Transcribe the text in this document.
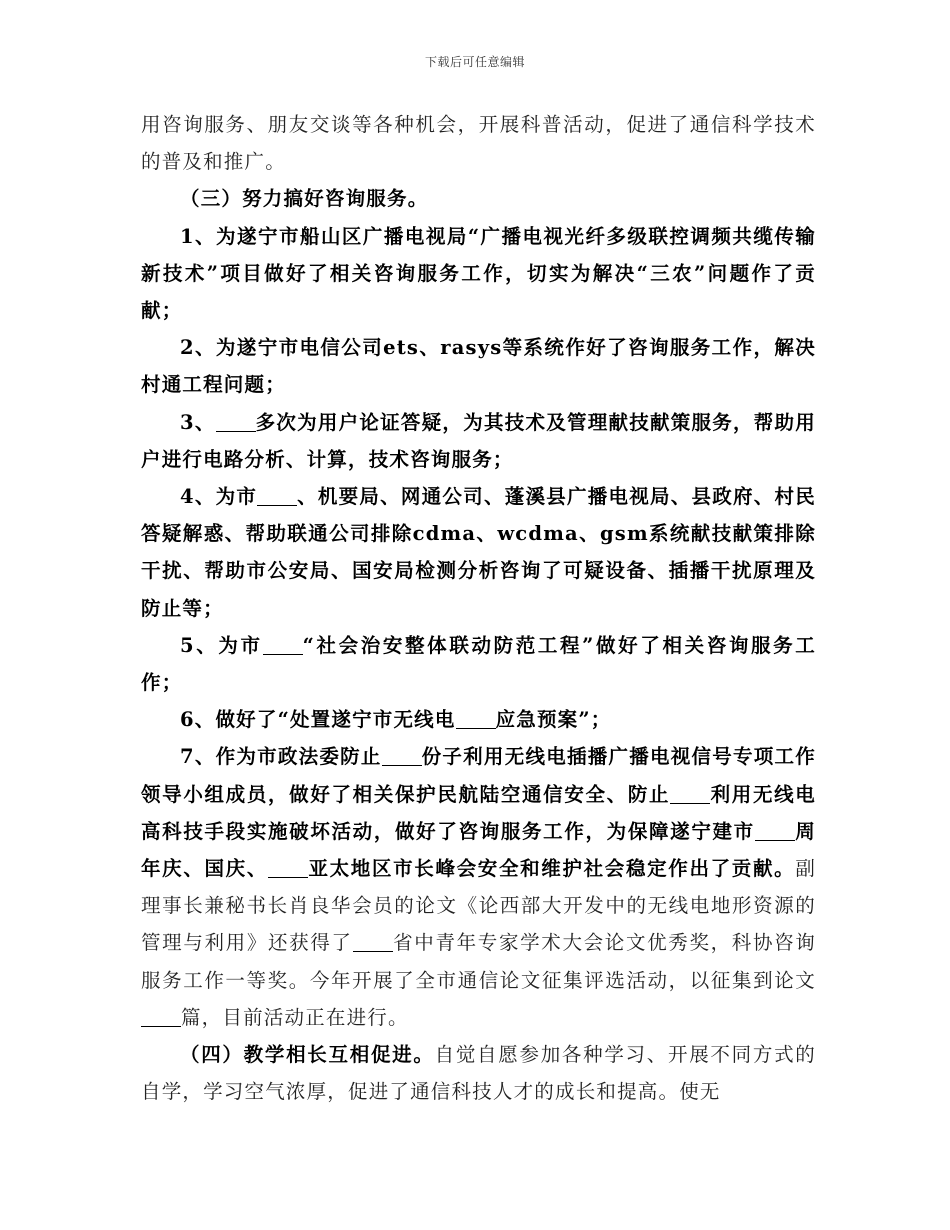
下载后可任意编辑

用咨询服务、朋友交谈等各种机会，开展科普活动，促进了通信科学技术的普及和推广。

（三）努力搞好咨询服务。

1、为遂宁市船山区广播电视局“广播电视光纤多级联控调频共缆传输新技术”项目做好了相关咨询服务工作，切实为解决“三农”问题作了贡献；

2、为遂宁市电信公司ets、rasys等系统作好了咨询服务工作，解决村通工程问题；

3、 多次为用户论证答疑，为其技术及管理献技献策服务，帮助用户进行电路分析、计算，技术咨询服务；

4、为市 、机要局、网通公司、蓬溪县广播电视局、县政府、村民答疑解惑、帮助联通公司排除cdma、wcdma、gsm系统献技献策排除干扰、帮助市公安局、国安局检测分析咨询了可疑设备、插播干扰原理及防止等；

5、为市 “社会治安整体联动防范工程”做好了相关咨询服务工作；

6、做好了“处置遂宁市无线电 应急预案”；

7、作为市政法委防止 份子利用无线电插播广播电视信号专项工作领导小组成员，做好了相关保护民航陆空通信安全、防止 利用无线电高科技手段实施破坏活动，做好了咨询服务工作，为保障遂宁建市 周年庆、国庆、 亚太地区市长峰会安全和维护社会稳定作出了贡献。副理事长兼秘书长肖良华会员的论文《论西部大开发中的无线电地形资源的管理与利用》还获得了 省中青年专家学术大会论文优秀奖，科协咨询服务工作一等奖。今年开展了全市通信论文征集评选活动，以征集到论文篇，目前活动正在进行。

（四）教学相长互相促进。自觉自愿参加各种学习、开展不同方式的自学，学习空气浓厚，促进了通信科技人才的成长和提高。使无
